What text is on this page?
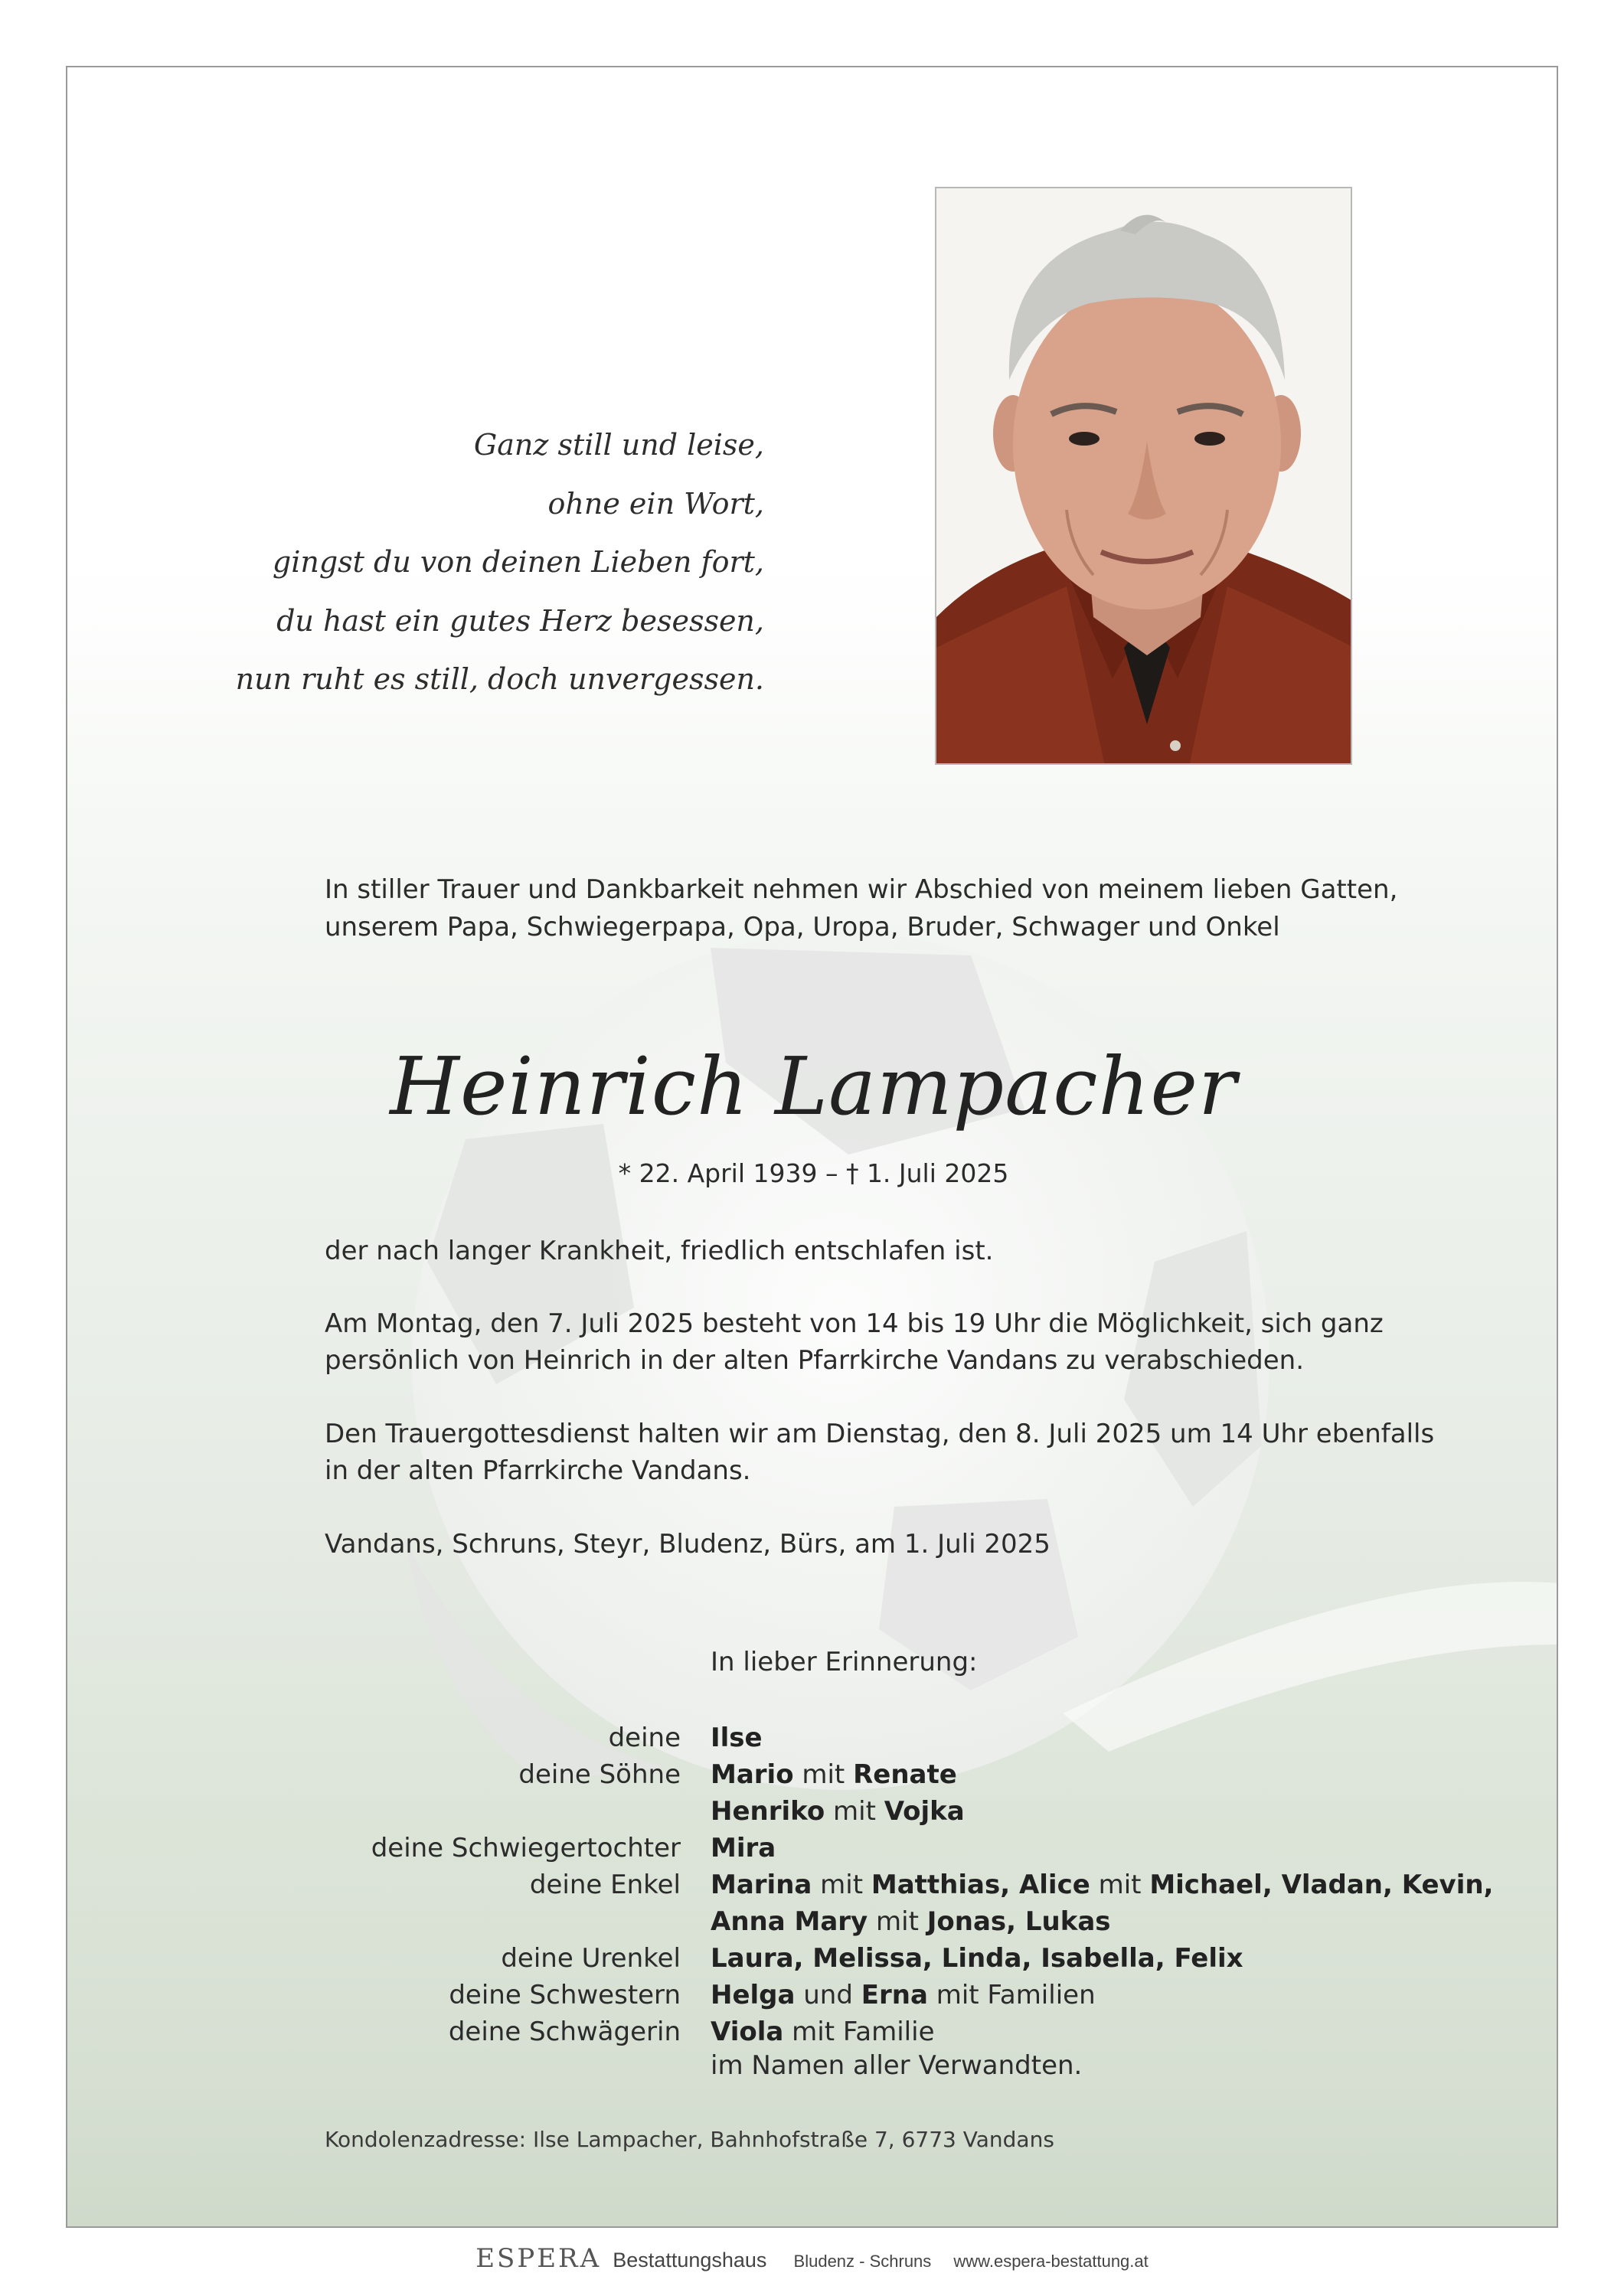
Ganz still und leise,
ohne ein Wort,
gingst du von deinen Lieben fort,
du hast ein gutes Herz besessen,
nun ruht es still, doch unvergessen.
In stiller Trauer und Dankbarkeit nehmen wir Abschied von meinem lieben Gatten,
unserem Papa, Schwiegerpapa, Opa, Uropa, Bruder, Schwager und Onkel
Heinrich Lampacher
* 22. April 1939 – † 1. Juli 2025
der nach langer Krankheit, friedlich entschlafen ist.
Am Montag, den 7. Juli 2025 besteht von 14 bis 19 Uhr die Möglichkeit, sich ganz
persönlich von Heinrich in der alten Pfarrkirche Vandans zu verabschieden.
Den Trauergottesdienst halten wir am Dienstag, den 8. Juli 2025 um 14 Uhr ebenfalls
in der alten Pfarrkirche Vandans.
Vandans, Schruns, Steyr, Bludenz, Bürs, am 1. Juli 2025
In lieber Erinnerung:
deine Ilse
deine Söhne Mario mit Renate
Henriko mit Vojka
deine Schwiegertochter Mira
deine Enkel Marina mit Matthias, Alice mit Michael, Vladan, Kevin,
Anna Mary mit Jonas, Lukas
deine Urenkel Laura, Melissa, Linda, Isabella, Felix
deine Schwestern Helga und Erna mit Familien
deine Schwägerin Viola mit Familie
im Namen aller Verwandten.
Kondolenzadresse: Ilse Lampacher, Bahnhofstraße 7, 6773 Vandans
ESPERA Bestattungshaus Bludenz - Schruns www.espera-bestattung.at
